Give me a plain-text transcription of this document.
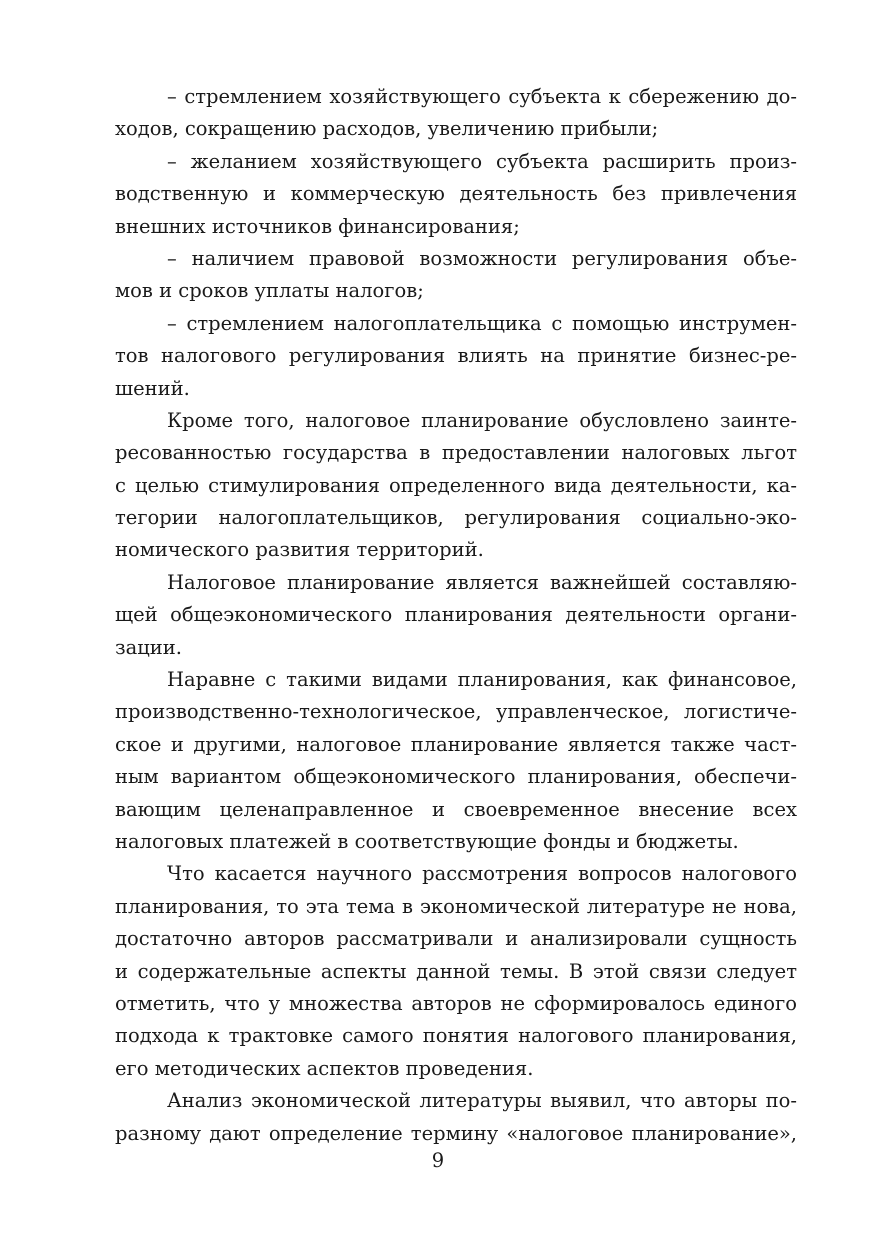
– стремлением хозяйствующего субъекта к сбережению до-
ходов, сокращению расходов, увеличению прибыли;
– желанием хозяйствующего субъекта расширить произ-
водственную и коммерческую деятельность без привлечения
внешних источников финансирования;
– наличием правовой возможности регулирования объе-
мов и сроков уплаты налогов;
– стремлением налогоплательщика с помощью инструмен-
тов налогового регулирования влиять на принятие бизнес-ре-
шений.
Кроме того, налоговое планирование обусловлено заинте-
ресованностью государства в предоставлении налоговых льгот
с целью стимулирования определенного вида деятельности, ка-
тегории налогоплательщиков, регулирования социально-эко-
номического развития территорий.
Налоговое планирование является важнейшей составляю-
щей общеэкономического планирования деятельности органи-
зации.
Наравне с такими видами планирования, как финансовое,
производственно-технологическое, управленческое, логистиче-
ское и другими, налоговое планирование является также част-
ным вариантом общеэкономического планирования, обеспечи-
вающим целенаправленное и своевременное внесение всех
налоговых платежей в соответствующие фонды и бюджеты.
Что касается научного рассмотрения вопросов налогового
планирования, то эта тема в экономической литературе не нова,
достаточно авторов рассматривали и анализировали сущность
и содержательные аспекты данной темы. В этой связи следует
отметить, что у множества авторов не сформировалось единого
подхода к трактовке самого понятия налогового планирования,
его методических аспектов проведения.
Анализ экономической литературы выявил, что авторы по-
разному дают определение термину «налоговое планирование»,
9
